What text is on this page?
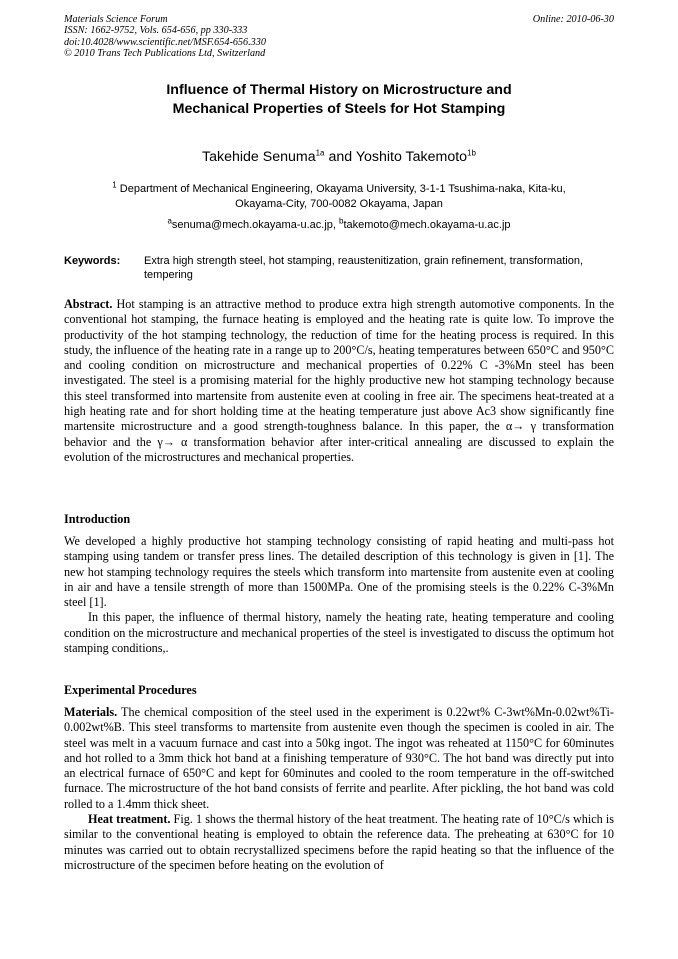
Materials Science Forum
ISSN: 1662-9752, Vols. 654-656, pp 330-333
doi:10.4028/www.scientific.net/MSF.654-656.330
© 2010 Trans Tech Publications Ltd, Switzerland
Online: 2010-06-30
Influence of Thermal History on Microstructure and
Mechanical Properties of Steels for Hot Stamping
Takehide Senuma$^{1a}$ and Yoshito Takemoto$^{1b}$
$^1$ Department of Mechanical Engineering, Okayama University, 3-1-1 Tsushima-naka, Kita-ku,
Okayama-City, 700-0082 Okayama, Japan
$^a$senuma@mech.okayama-u.ac.jp, $^b$takemoto@mech.okayama-u.ac.jp
Keywords: Extra high strength steel, hot stamping, reaustenitization, grain refinement, transformation, tempering

Abstract. Hot stamping is an attractive method to produce extra high strength automotive components. In the conventional hot stamping, the furnace heating is employed and the heating rate is quite low. To improve the productivity of the hot stamping technology, the reduction of time for the heating process is required. In this study, the influence of the heating rate in a range up to 200°C/s, heating temperatures between 650°C and 950°C and cooling condition on microstructure and mechanical properties of 0.22% C -3%Mn steel has been investigated. The steel is a promising material for the highly productive new hot stamping technology because this steel transformed into martensite from austenite even at cooling in free air. The specimens heat-treated at a high heating rate and for short holding time at the heating temperature just above Ac3 show significantly fine martensite microstructure and a good strength-toughness balance. In this paper, the α→ γ transformation behavior and the γ→ α transformation behavior after inter-critical annealing are discussed to explain the evolution of the microstructures and mechanical properties.

Introduction

We developed a highly productive hot stamping technology consisting of rapid heating and multi-pass hot stamping using tandem or transfer press lines. The detailed description of this technology is given in [1]. The new hot stamping technology requires the steels which transform into martensite from austenite even at cooling in air and have a tensile strength of more than 1500MPa. One of the promising steels is the 0.22% C-3%Mn steel [1].

In this paper, the influence of thermal history, namely the heating rate, heating temperature and cooling condition on the microstructure and mechanical properties of the steel is investigated to discuss the optimum hot stamping conditions,.

Experimental Procedures

Materials. The chemical composition of the steel used in the experiment is 0.22wt% C-3wt%Mn-0.02wt%Ti-0.002wt%B. This steel transforms to martensite from austenite even though the specimen is cooled in air. The steel was melt in a vacuum furnace and cast into a 50kg ingot. The ingot was reheated at 1150°C for 60minutes and hot rolled to a 3mm thick hot band at a finishing temperature of 930°C. The hot band was directly put into an electrical furnace of 650°C and kept for 60minutes and cooled to the room temperature in the off-switched furnace. The microstructure of the hot band consists of ferrite and pearlite. After pickling, the hot band was cold rolled to a 1.4mm thick sheet.

Heat treatment. Fig. 1 shows the thermal history of the heat treatment. The heating rate of 10°C/s which is similar to the conventional heating is employed to obtain the reference data. The preheating at 630°C for 10 minutes was carried out to obtain recrystallized specimens before the rapid heating so that the influence of the microstructure of the specimen before heating on the evolution of
